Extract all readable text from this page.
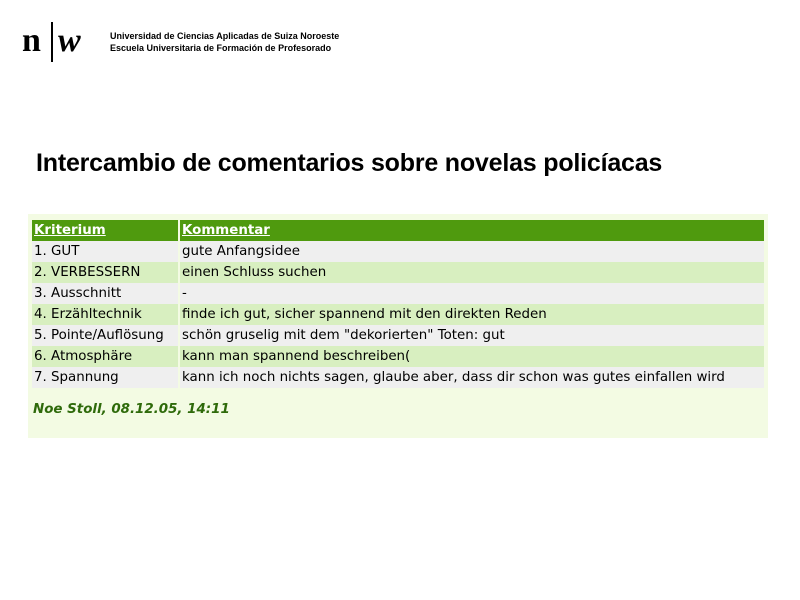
n w	Universidad de Ciencias Aplicadas de Suiza Noroeste
Escuela Universitaria de Formación de Profesorado
Intercambio de comentarios sobre novelas policíacas
Kriterium	Kommentar
1. GUT	gute Anfangsidee
2. VERBESSERN	einen Schluss suchen
3. Ausschnitt	-
4. Erzähltechnik	finde ich gut, sicher spannend mit den direkten Reden
5. Pointe/Auflösung	schön gruselig mit dem "dekorierten" Toten: gut
6. Atmosphäre	kann man spannend beschreiben(
7. Spannung	kann ich noch nichts sagen, glaube aber, dass dir schon was gutes einfallen wird
Noe Stoll, 08.12.05, 14:11
